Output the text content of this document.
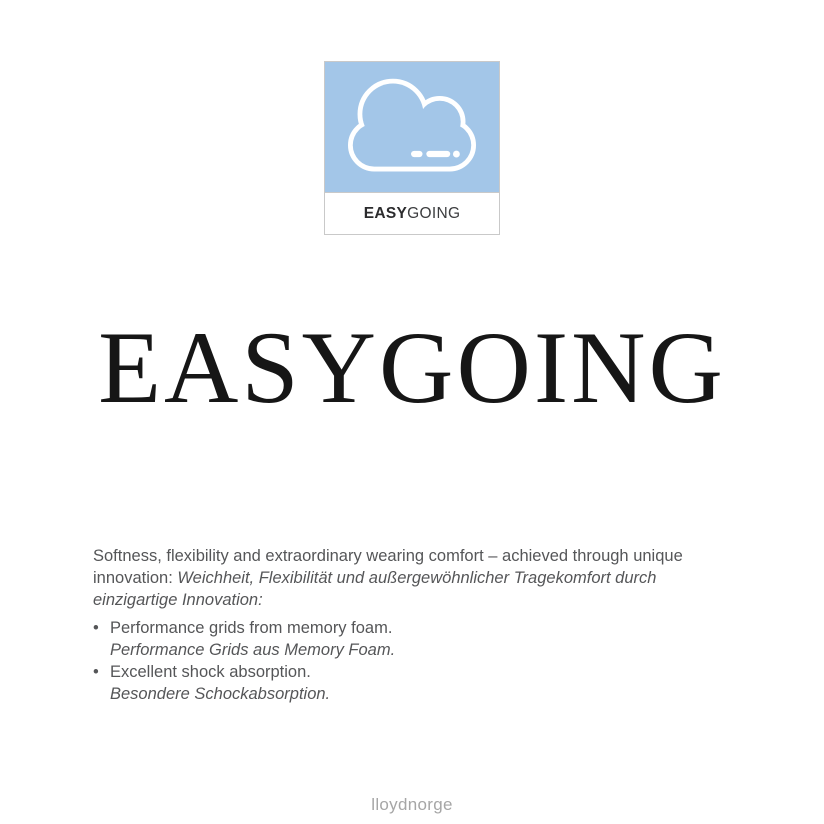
EASY GOING
EASYGOING

Softness, flexibility and extraordinary wearing comfort – achieved through unique innovation: Weichheit, Flexibilität und außergewöhnlicher Tragekomfort durch einzigartige Innovation:

• Performance grids from memory foam.
Performance Grids aus Memory Foam.
• Excellent shock absorption.
Besondere Schockabsorption.
lloydnorge
